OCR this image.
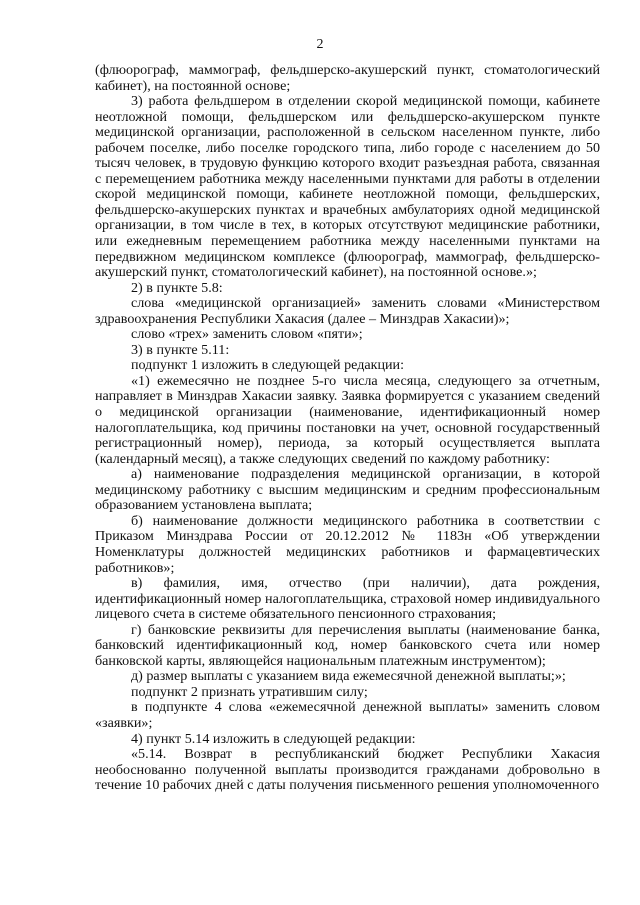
2

(флюорограф, маммограф, фельдшерско-акушерский пункт, стоматологический кабинет), на постоянной основе;

3) работа фельдшером в отделении скорой медицинской помощи, кабинете неотложной помощи, фельдшерском или фельдшерско-акушерском пункте медицинской организации, расположенной в сельском населенном пункте, либо рабочем поселке, либо поселке городского типа, либо городе с населением до 50 тысяч человек, в трудовую функцию которого входит разъездная работа, связанная с перемещением работника между населенными пунктами для работы в отделении скорой медицинской помощи, кабинете неотложной помощи, фельдшерских, фельдшерско-акушерских пунктах и врачебных амбулаториях одной медицинской организации, в том числе в тех, в которых отсутствуют медицинские работники, или ежедневным перемещением работника между населенными пунктами на передвижном медицинском комплексе (флюорограф, маммограф, фельдшерско-акушерский пункт, стоматологический кабинет), на постоянной основе.»;

2) в пункте 5.8:

слова «медицинской организацией» заменить словами «Министерством здравоохранения Республики Хакасия (далее – Минздрав Хакасии)»;

слово «трех» заменить словом «пяти»;

3) в пункте 5.11:

подпункт 1 изложить в следующей редакции:

«1) ежемесячно не позднее 5-го числа месяца, следующего за отчетным, направляет в Минздрав Хакасии заявку. Заявка формируется с указанием сведений о медицинской организации (наименование, идентификационный номер налогоплательщика, код причины постановки на учет, основной государственный регистрационный номер), периода, за который осуществляется выплата (календарный месяц), а также следующих сведений по каждому работнику:

а) наименование подразделения медицинской организации, в которой медицинскому работнику с высшим медицинским и средним профессиональным образованием установлена выплата;

б) наименование должности медицинского работника в соответствии с Приказом Минздрава России от 20.12.2012 № 1183н «Об утверждении Номенклатуры должностей медицинских работников и фармацевтических работников»;

в) фамилия, имя, отчество (при наличии), дата рождения, идентификационный номер налогоплательщика, страховой номер индивидуального лицевого счета в системе обязательного пенсионного страхования;

г) банковские реквизиты для перечисления выплаты (наименование банка, банковский идентификационный код, номер банковского счета или номер банковской карты, являющейся национальным платежным инструментом);

д) размер выплаты с указанием вида ежемесячной денежной выплаты;»;

подпункт 2 признать утратившим силу;

в подпункте 4 слова «ежемесячной денежной выплаты» заменить словом «заявки»;

4) пункт 5.14 изложить в следующей редакции:

«5.14. Возврат в республиканский бюджет Республики Хакасия необоснованно полученной выплаты производится гражданами добровольно в течение 10 рабочих дней с даты получения письменного решения уполномоченного
